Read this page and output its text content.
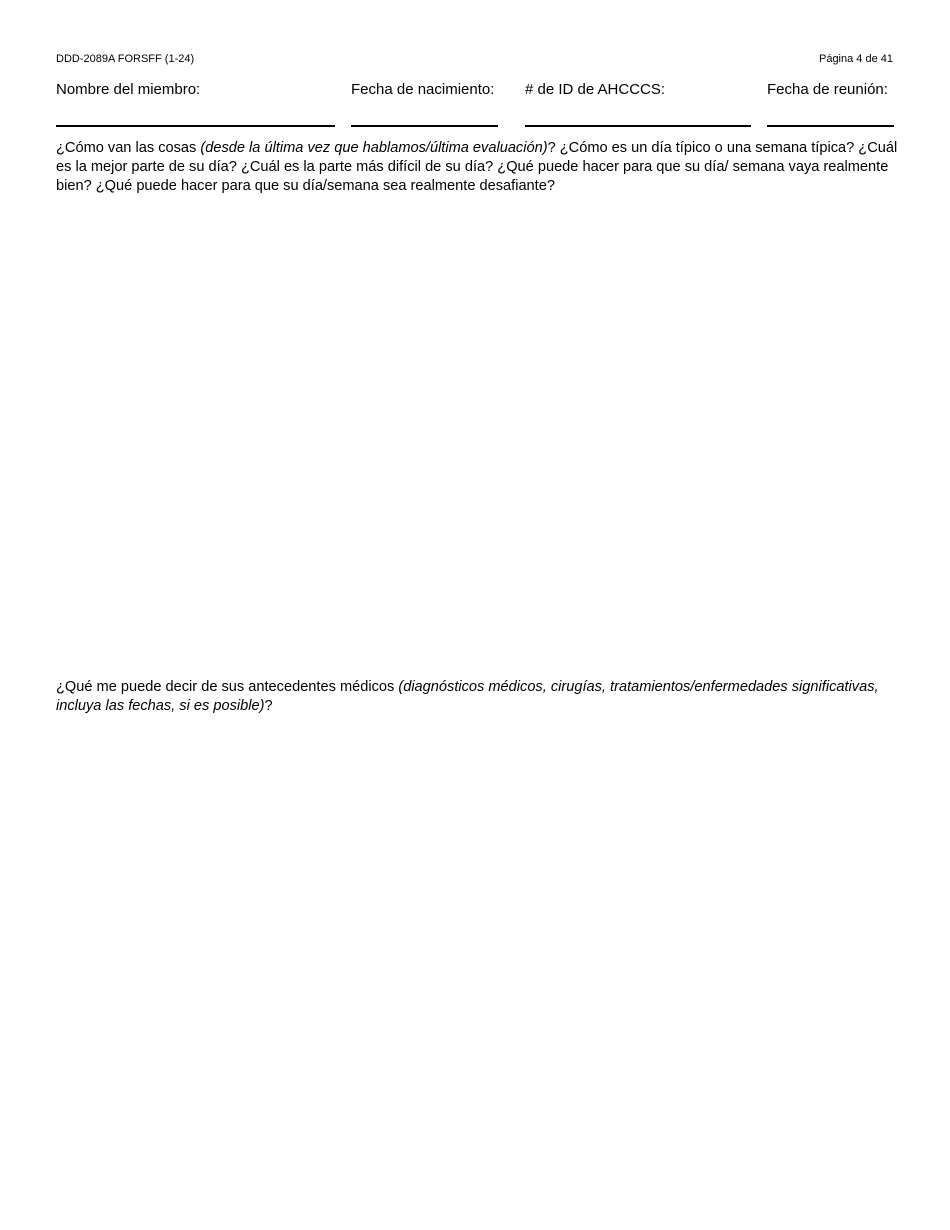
DDD-2089A FORSFF (1-24)	Página 4 de 41
Nombre del miembro:	Fecha de nacimiento: # de ID de AHCCCS:	Fecha de reunión:
¿Cómo van las cosas (desde la última vez que hablamos/última evaluación)? ¿Cómo es un día típico o una semana típica? ¿Cuál es la mejor parte de su día? ¿Cuál es la parte más difícil de su día? ¿Qué puede hacer para que su día/ semana vaya realmente bien? ¿Qué puede hacer para que su día/semana sea realmente desafiante?
¿Qué me puede decir de sus antecedentes médicos (diagnósticos médicos, cirugías, tratamientos/enfermedades significativas, incluya las fechas, si es posible)?
